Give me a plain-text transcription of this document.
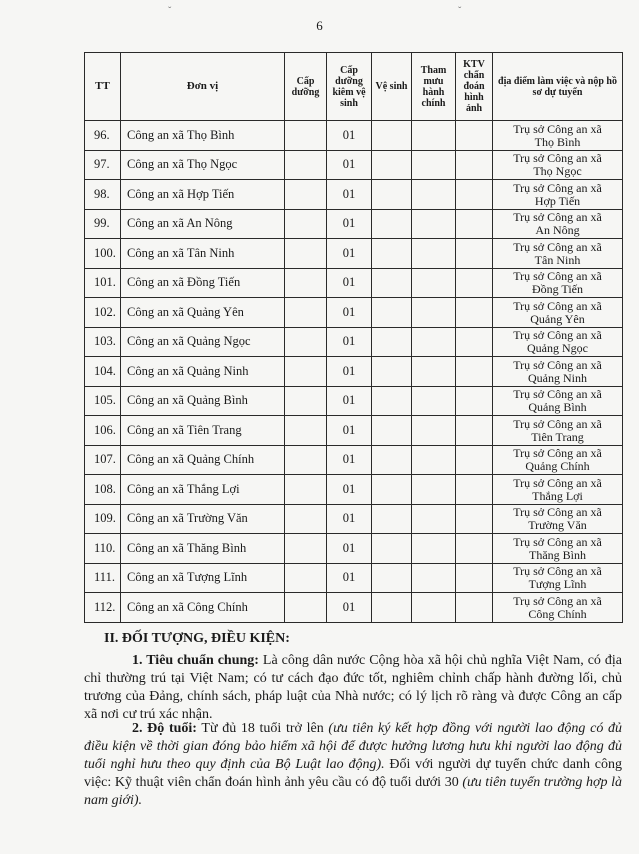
ˇ	ˇ
6
TT	Đơn vị	Cấp dưỡng	Cấp dưỡng kiêm vệ sinh	Vệ sinh	Tham mưu hành chính	KTV chẩn đoán hình ảnh	địa điểm làm việc và nộp hồ sơ dự tuyển
96.	Công an xã Thọ Bình		01				Trụ sở Công an xã
Thọ Bình

97.	Công an xã Thọ Ngọc		01				Trụ sở Công an xã
Thọ Ngọc

98.	Công an xã Hợp Tiến		01				Trụ sở Công an xã
Hợp Tiến

99.	Công an xã An Nông		01				Trụ sở Công an xã
An Nông

100.	Công an xã Tân Ninh		01				Trụ sở Công an xã
Tân Ninh

101.	Công an xã Đồng Tiến		01				Trụ sở Công an xã
Đồng Tiến

102.	Công an xã Quảng Yên		01				Trụ sở Công an xã
Quảng Yên

103.	Công an xã Quảng Ngọc		01				Trụ sở Công an xã
Quảng Ngọc

104.	Công an xã Quảng Ninh		01				Trụ sở Công an xã
Quảng Ninh

105.	Công an xã Quảng Bình		01				Trụ sở Công an xã
Quảng Bình

106.	Công an xã Tiên Trang		01				Trụ sở Công an xã
Tiên Trang

107.	Công an xã Quảng Chính		01				Trụ sở Công an xã
Quảng Chính

108.	Công an xã Thắng Lợi		01				Trụ sở Công an xã
Thắng Lợi

109.	Công an xã Trường Văn		01				Trụ sở Công an xã
Trường Văn

110.	Công an xã Thăng Bình		01				Trụ sở Công an xã
Thăng Bình

111.	Công an xã Tượng Lĩnh		01				Trụ sở Công an xã
Tượng Lĩnh

112.	Công an xã Công Chính		01				Trụ sở Công an xã
Công Chính
II. ĐỐI TƯỢNG, ĐIỀU KIỆN:

1. Tiêu chuẩn chung: Là công dân nước Cộng hòa xã hội chủ nghĩa Việt Nam, có địa chỉ thường trú tại Việt Nam; có tư cách đạo đức tốt, nghiêm chỉnh chấp hành đường lối, chủ trương của Đảng, chính sách, pháp luật của Nhà nước; có lý lịch rõ ràng và được Công an cấp xã nơi cư trú xác nhận.

2. Độ tuổi: Từ đủ 18 tuổi trở lên (ưu tiên ký kết hợp đồng với người lao động có đủ điều kiện về thời gian đóng bảo hiểm xã hội để được hưởng lương hưu khi người lao động đủ tuổi nghỉ hưu theo quy định của Bộ Luật lao động). Đối với người dự tuyển chức danh công việc: Kỹ thuật viên chẩn đoán hình ảnh yêu cầu có độ tuổi dưới 30 (ưu tiên tuyển trường hợp là nam giới).
